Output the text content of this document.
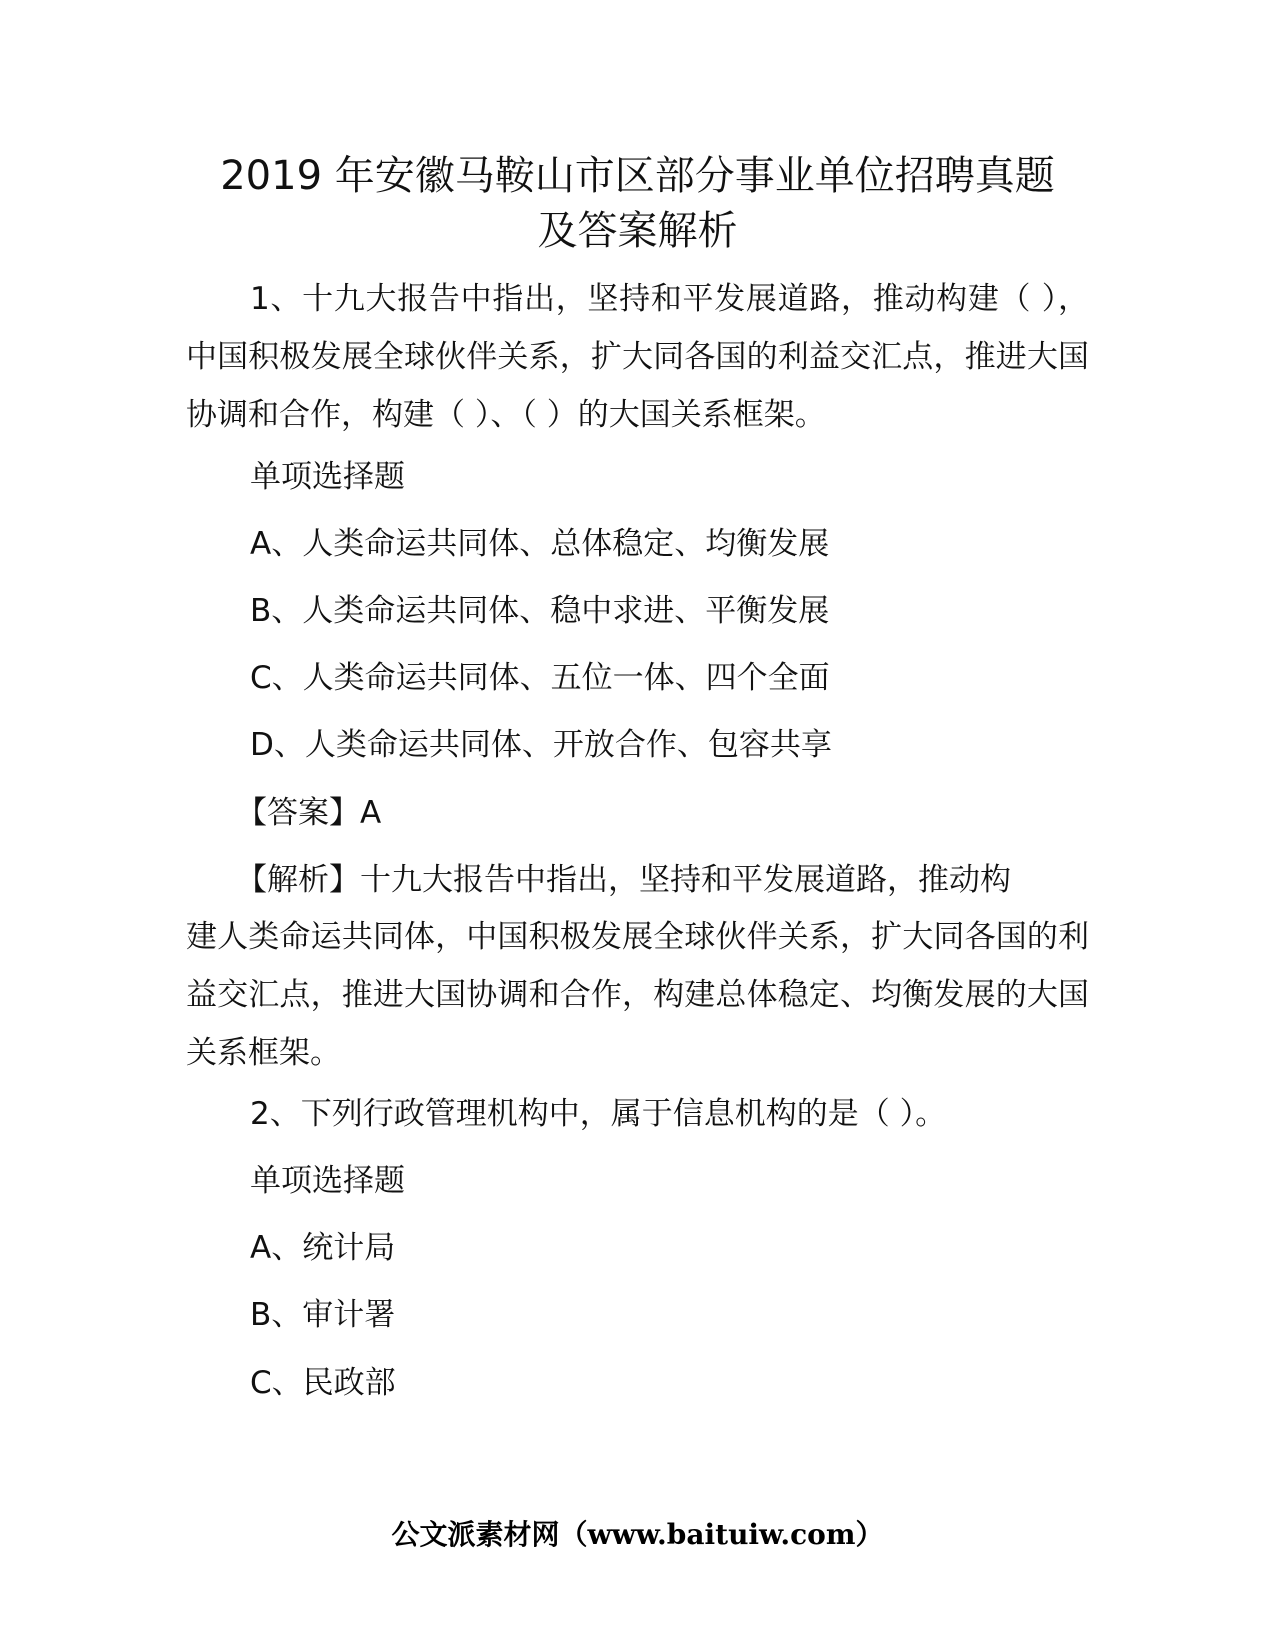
2019 年安徽马鞍山市区部分事业单位招聘真题
及答案解析
1、十九大报告中指出，坚持和平发展道路，推动构建（ ），中国积极发展全球伙伴关系，扩大同各国的利益交汇点，推进大国协调和合作，构建（ ）、（ ）的大国关系框架。
单项选择题
A、人类命运共同体、总体稳定、均衡发展
B、人类命运共同体、稳中求进、平衡发展
C、人类命运共同体、五位一体、四个全面
D、人类命运共同体、开放合作、包容共享
【答案】A
【解析】十九大报告中指出，坚持和平发展道路，推动构
建人类命运共同体，中国积极发展全球伙伴关系，扩大同各国的利益交汇点，推进大国协调和合作，构建总体稳定、均衡发展的大国关系框架。
2、下列行政管理机构中，属于信息机构的是（ ）。
单项选择题
A、统计局
B、审计署
C、民政部
公文派素材网（www.baituiw.com）
